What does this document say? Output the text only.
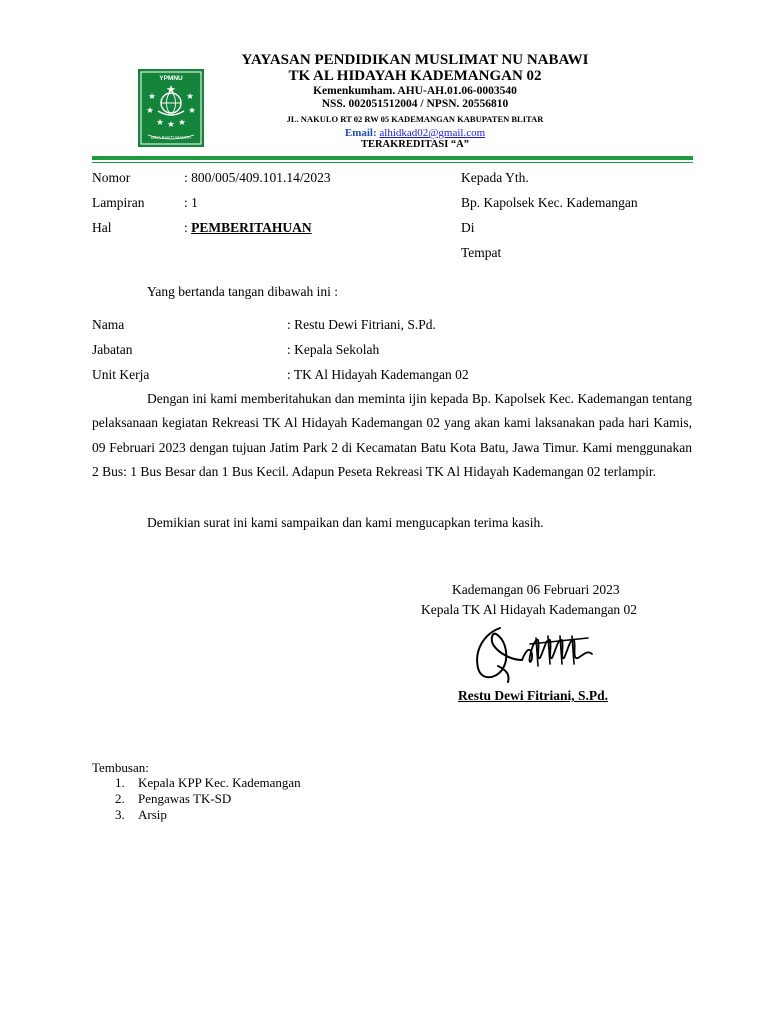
YPMNU
BINA BAKTI WANITA
YAYASAN PENDIDIKAN MUSLIMAT NU NABAWI
TK AL HIDAYAH KADEMANGAN 02
Kemenkumham. AHU-AH.01.06-0003540
NSS. 002051512004 / NPSN. 20556810
JL. NAKULO RT 02 RW 05 KADEMANGAN KABUPATEN BLITAR
Email: alhidkad02@gmail.com
TERAKREDITASI “A”
Nomor	: 800/005/409.101.14/2023
Lampiran	: 1
Hal	: PEMBERITAHUAN
Kepada Yth.
Bp. Kapolsek Kec. Kademangan
Di
Tempat
Yang bertanda tangan dibawah ini :
Nama	: Restu Dewi Fitriani, S.Pd.
Jabatan	: Kepala Sekolah
Unit Kerja	: TK Al Hidayah Kademangan 02
Dengan ini kami memberitahukan dan meminta ijin kepada Bp. Kapolsek Kec. Kademangan tentang pelaksanaan kegiatan Rekreasi TK Al Hidayah Kademangan 02 yang akan kami laksanakan pada hari Kamis, 09 Februari 2023 dengan tujuan Jatim Park 2 di Kecamatan Batu Kota Batu, Jawa Timur. Kami menggunakan 2 Bus: 1 Bus Besar dan 1 Bus Kecil. Adapun Peseta Rekreasi TK Al Hidayah Kademangan 02 terlampir.
Demikian surat ini kami sampaikan dan kami mengucapkan terima kasih.
Kademangan 06 Februari 2023
Kepala TK Al Hidayah Kademangan 02
Restu Dewi Fitriani, S.Pd.
Tembusan:
1. Kepala KPP Kec. Kademangan
2. Pengawas TK-SD
3. Arsip
